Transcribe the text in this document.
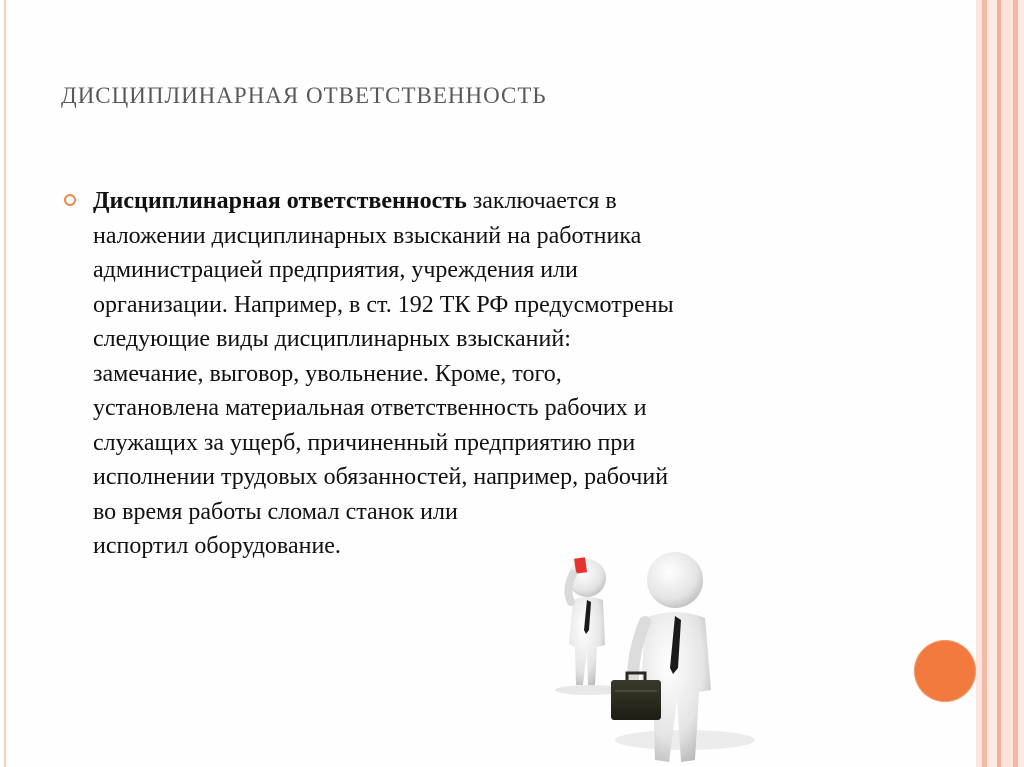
ДИСЦИПЛИНАРНАЯ ОТВЕТСТВЕННОСТЬ
Дисциплинарная ответственность заключается в
наложении дисциплинарных взысканий на работника
администрацией предприятия, учреждения или
организации. Например, в ст. 192 ТК РФ предусмотрены
следующие виды дисциплинарных взысканий:
замечание, выговор, увольнение. Кроме, того,
установлена материальная ответственность рабочих и
служащих за ущерб, причиненный предприятию при
исполнении трудовых обязанностей, например, рабочий
во время работы сломал станок или
испортил оборудование.
